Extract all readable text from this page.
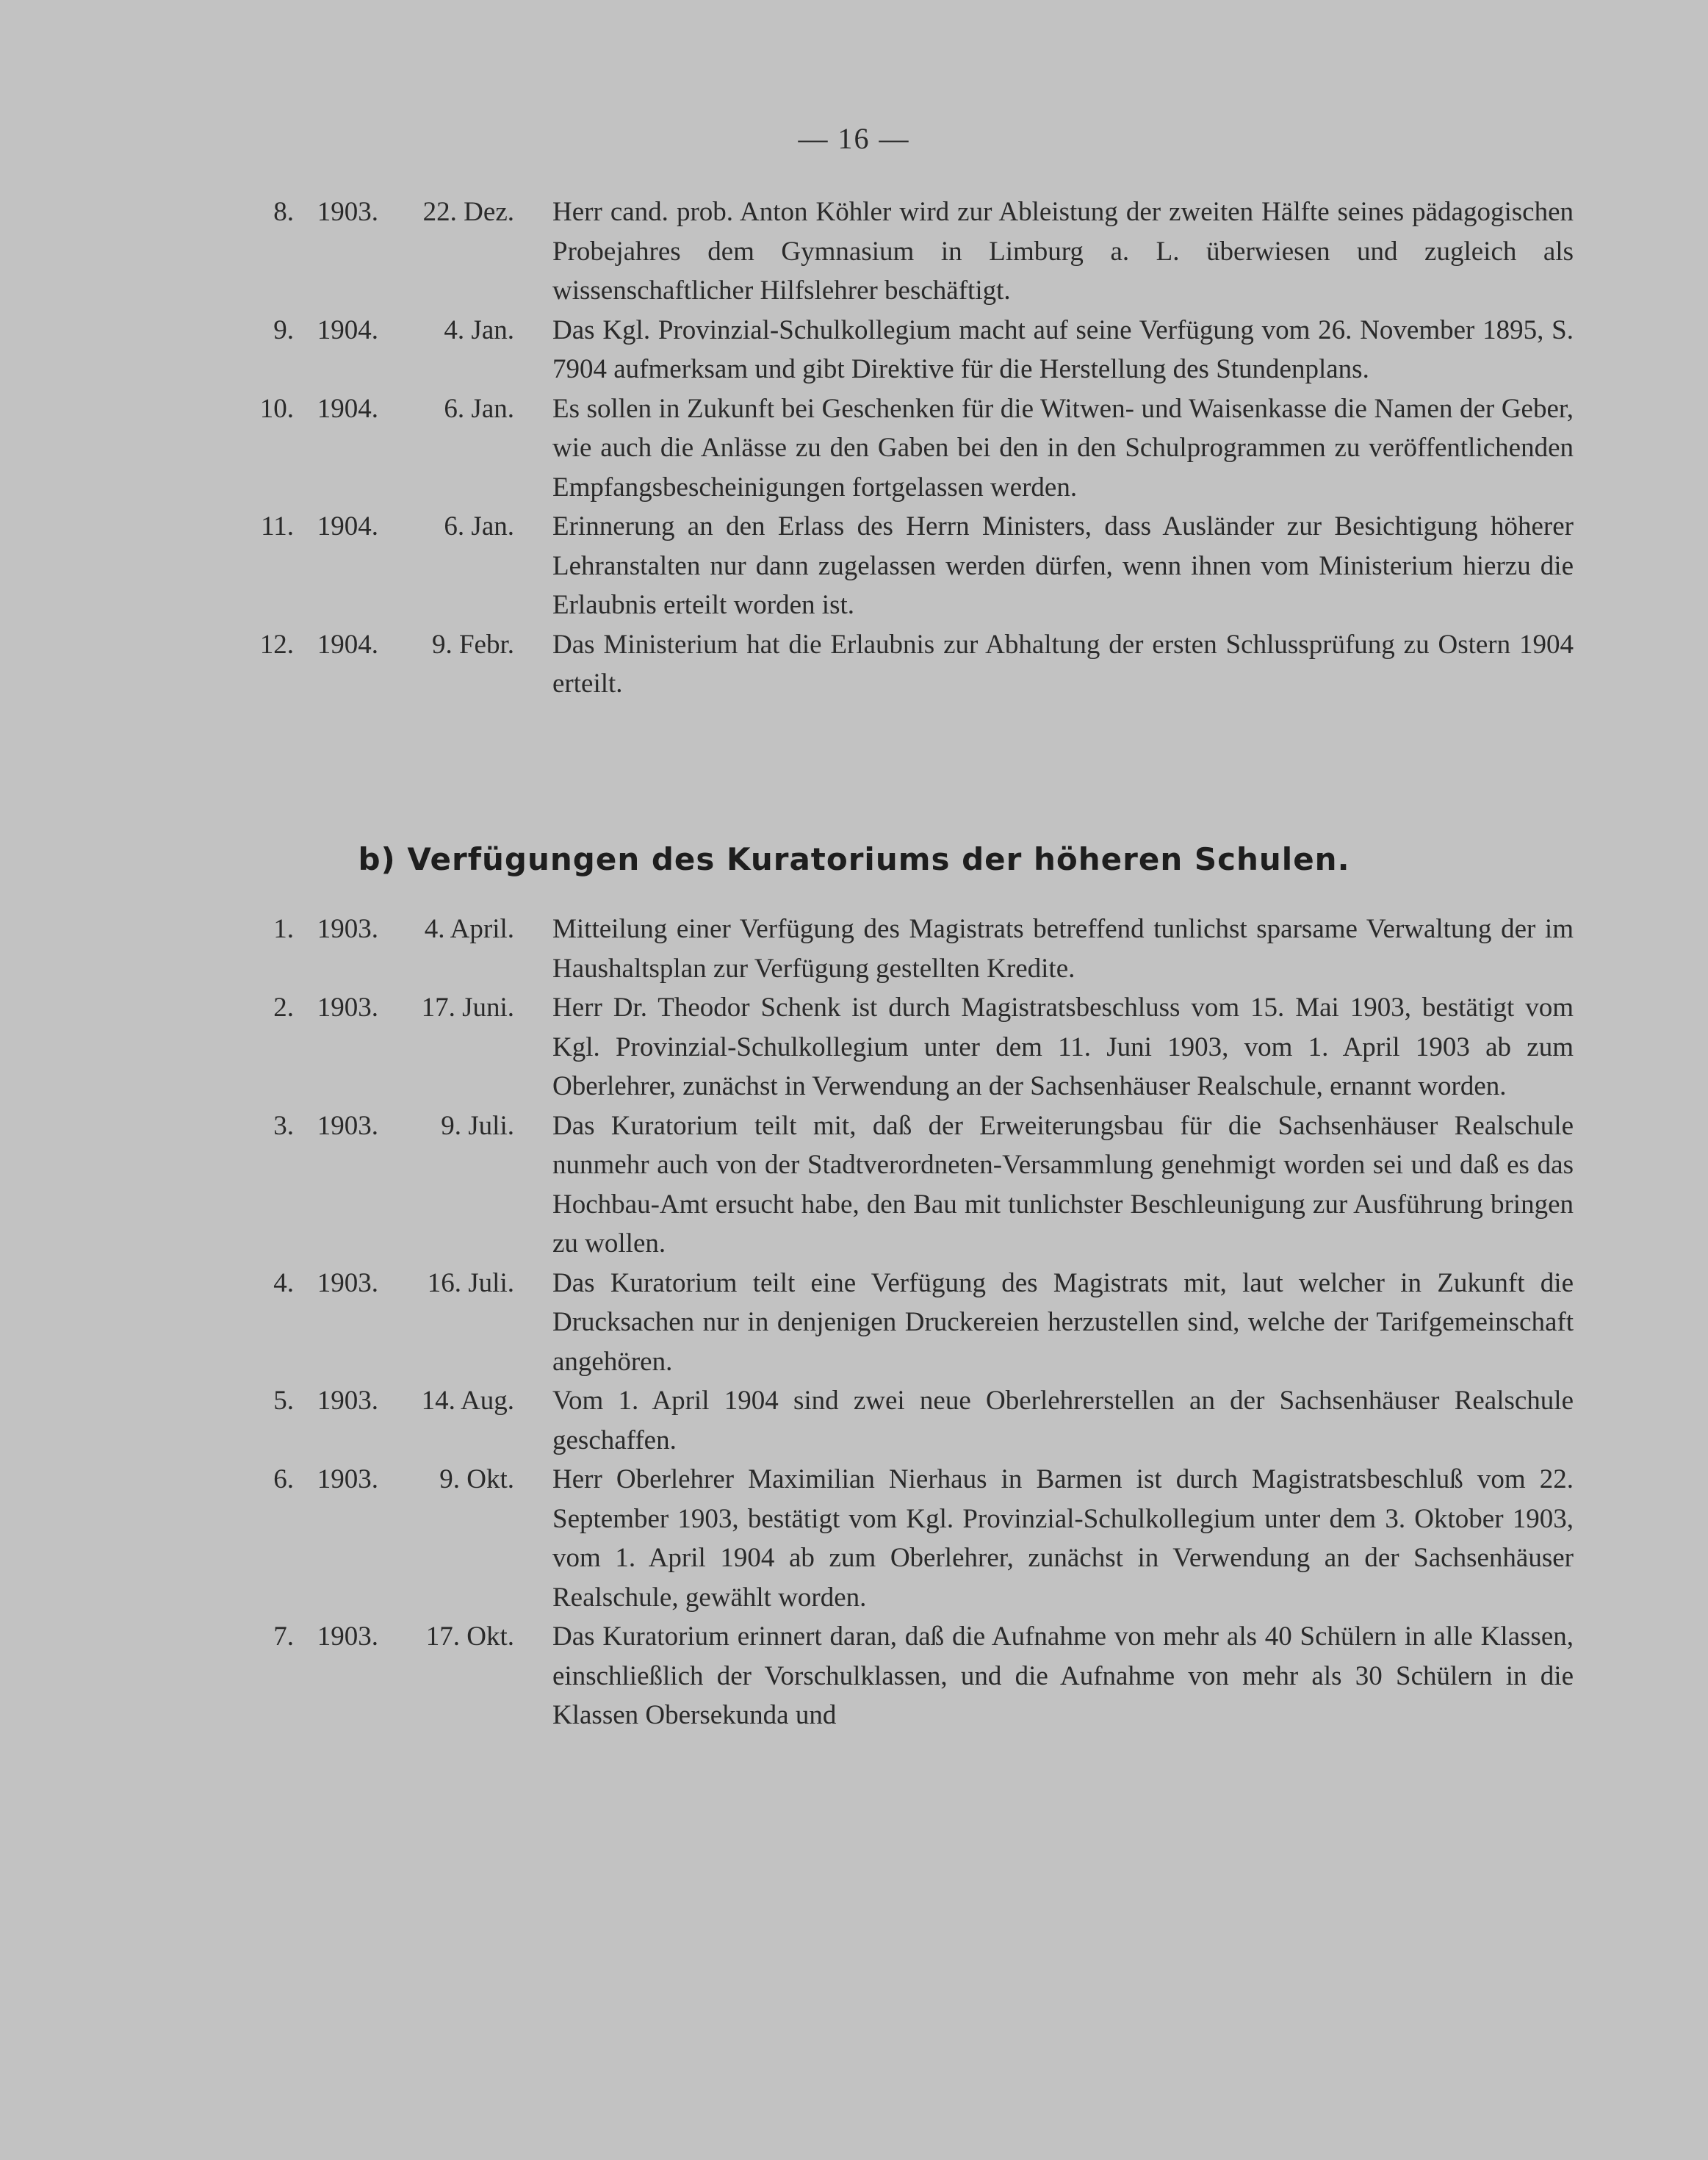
— 16 —
8. 1903.	22. Dez. Herr cand. prob. Anton Köhler wird zur Ableistung der zweiten Hälfte seines pädagogischen Probejahres dem Gymnasium in Limburg a. L. überwiesen und zugleich als wissenschaftlicher Hilfslehrer beschäftigt.
9. 1904.	4. Jan. Das Kgl. Provinzial-Schulkollegium macht auf seine Verfügung vom 26. November 1895, S. 7904 aufmerksam und gibt Direktive für die Herstellung des Stundenplans.
10. 1904.	6. Jan. Es sollen in Zukunft bei Geschenken für die Witwen- und Waisenkasse die Namen der Geber, wie auch die Anlässe zu den Gaben bei den in den Schulprogrammen zu veröffentlichenden Empfangsbescheinigungen fortgelassen werden.
11. 1904.	6. Jan. Erinnerung an den Erlass des Herrn Ministers, dass Ausländer zur Besichtigung höherer Lehranstalten nur dann zugelassen werden dürfen, wenn ihnen vom Ministerium hierzu die Erlaubnis erteilt worden ist.
12. 1904.	9. Febr. Das Ministerium hat die Erlaubnis zur Abhaltung der ersten Schlussprüfung zu Ostern 1904 erteilt.
b) Verfügungen des Kuratoriums der höheren Schulen.
1. 1903.	4. April. Mitteilung einer Verfügung des Magistrats betreffend tunlichst sparsame Verwaltung der im Haushaltsplan zur Verfügung gestellten Kredite.
2. 1903.	17. Juni. Herr Dr. Theodor Schenk ist durch Magistratsbeschluss vom 15. Mai 1903, bestätigt vom Kgl. Provinzial-Schulkollegium unter dem 11. Juni 1903, vom 1. April 1903 ab zum Oberlehrer, zunächst in Verwendung an der Sachsenhäuser Realschule, ernannt worden.
3. 1903.	9. Juli. Das Kuratorium teilt mit, daß der Erweiterungsbau für die Sachsenhäuser Realschule nunmehr auch von der Stadtverordneten-Versammlung genehmigt worden sei und daß es das Hochbau-Amt ersucht habe, den Bau mit tunlichster Beschleunigung zur Ausführung bringen zu wollen.
4. 1903.	16. Juli. Das Kuratorium teilt eine Verfügung des Magistrats mit, laut welcher in Zukunft die Drucksachen nur in denjenigen Druckereien herzustellen sind, welche der Tarifgemeinschaft angehören.
5. 1903.	14. Aug. Vom 1. April 1904 sind zwei neue Oberlehrerstellen an der Sachsenhäuser Realschule geschaffen.
6. 1903.	9. Okt. Herr Oberlehrer Maximilian Nierhaus in Barmen ist durch Magistratsbeschluß vom 22. September 1903, bestätigt vom Kgl. Provinzial-Schulkollegium unter dem 3. Oktober 1903, vom 1. April 1904 ab zum Oberlehrer, zunächst in Verwendung an der Sachsenhäuser Realschule, gewählt worden.
7. 1903.	17. Okt. Das Kuratorium erinnert daran, daß die Aufnahme von mehr als 40 Schülern in alle Klassen, einschließlich der Vorschulklassen, und die Aufnahme von mehr als 30 Schülern in die Klassen Obersekunda und
